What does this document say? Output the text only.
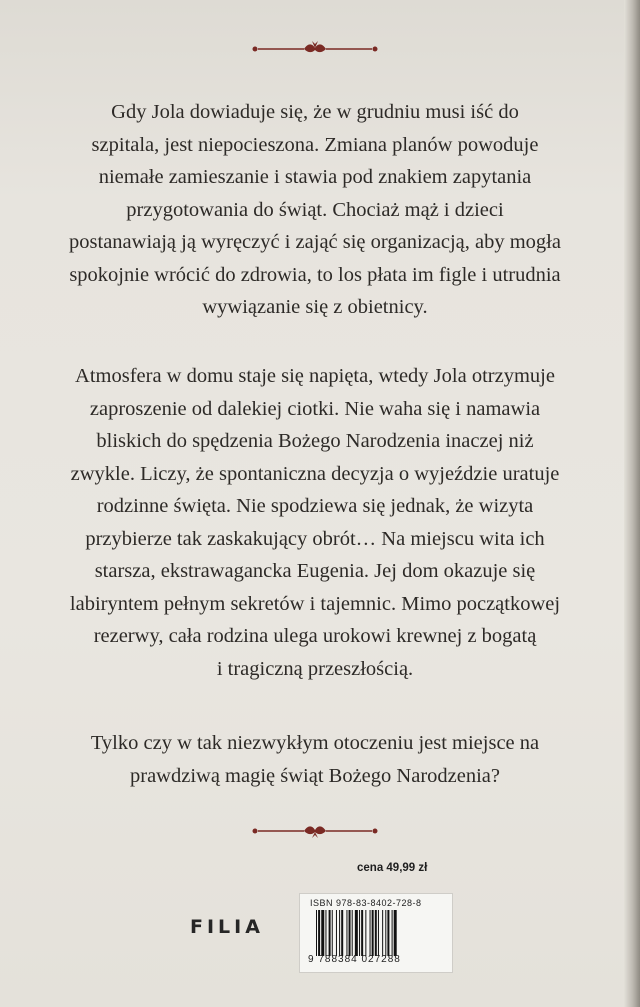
Gdy Jola dowiaduje się, że w grudniu musi iść do
szpitala, jest niepocieszona. Zmiana planów powoduje
niemałe zamieszanie i stawia pod znakiem zapytania
przygotowania do świąt. Chociaż mąż i dzieci
postanawiają ją wyręczyć i zająć się organizacją, aby mogła
spokojnie wrócić do zdrowia, to los płata im figle i utrudnia
wywiązanie się z obietnicy.
Atmosfera w domu staje się napięta, wtedy Jola otrzymuje
zaproszenie od dalekiej ciotki. Nie waha się i namawia
bliskich do spędzenia Bożego Narodzenia inaczej niż
zwykle. Liczy, że spontaniczna decyzja o wyjeździe uratuje
rodzinne święta. Nie spodziewa się jednak, że wizyta
przybierze tak zaskakujący obrót… Na miejscu wita ich
starsza, ekstrawagancka Eugenia. Jej dom okazuje się
labiryntem pełnym sekretów i tajemnic. Mimo początkowej
rezerwy, cała rodzina ulega urokowi krewnej z bogatą
i tragiczną przeszłością.
Tylko czy w tak niezwykłym otoczeniu jest miejsce na
prawdziwą magię świąt Bożego Narodzenia?
cena 49,99 zł
FILIA
ISBN 978-83-8402-728-8
9 788384 027288
